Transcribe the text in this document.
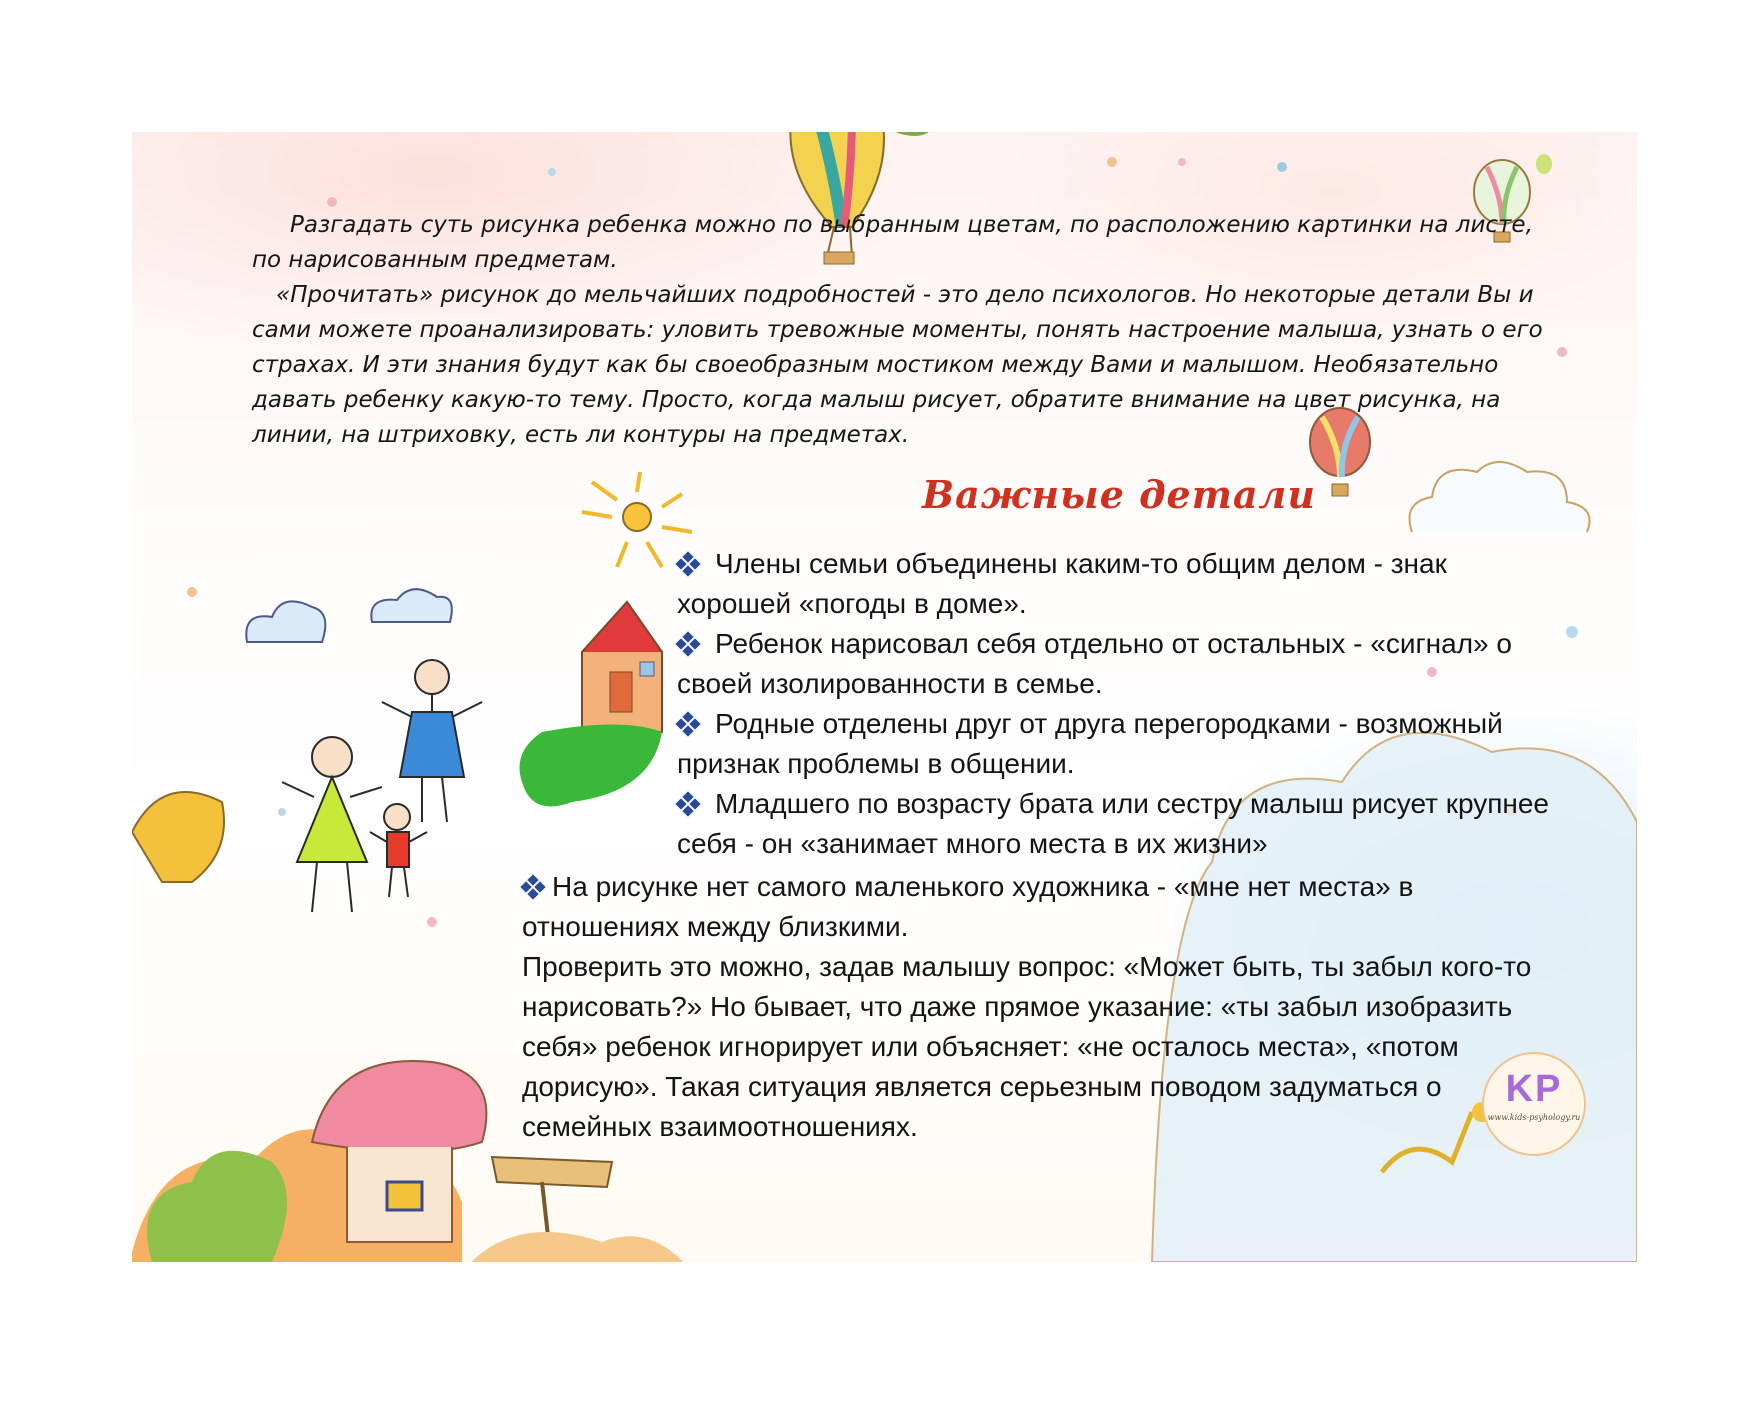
KP
www.kids-psyhology.ru

Разгадать суть рисунка ребенка можно по выбранным цветам, по расположению картинки на листе, по нарисованным предметам.

«Прочитать» рисунок до мельчайших подробностей - это дело психологов. Но некоторые детали Вы и сами можете проанализировать: уловить тревожные моменты, понять настроение малыша, узнать о его страхах. И эти знания будут как бы своеобразным мостиком между Вами и малышом. Необязательно давать ребенку какую-то тему. Просто, когда малыш рисует, обратите внимание на цвет рисунка, на линии, на штриховку, есть ли контуры на предметах.

Важные детали

Члены семьи объединены каким-то общим делом - знак хорошей «погоды в доме».

Ребенок нарисовал себя отдельно от остальных - «сигнал» о своей изолированности в семье.

Родные отделены друг от друга перегородками - возможный признак проблемы в общении.

Младшего по возрасту брата или сестру малыш рисует крупнее себя - он «занимает много места в их жизни»

На рисунке нет самого маленького художника - «мне нет места» в отношениях между близкими.
Проверить это можно, задав малышу вопрос: «Может быть, ты забыл кого-то нарисовать?» Но бывает, что даже прямое указание: «ты забыл изобразить себя» ребенок игнорирует или объясняет: «не осталось места», «потом дорисую». Такая ситуация является серьезным поводом задуматься о семейных взаимоотношениях.
